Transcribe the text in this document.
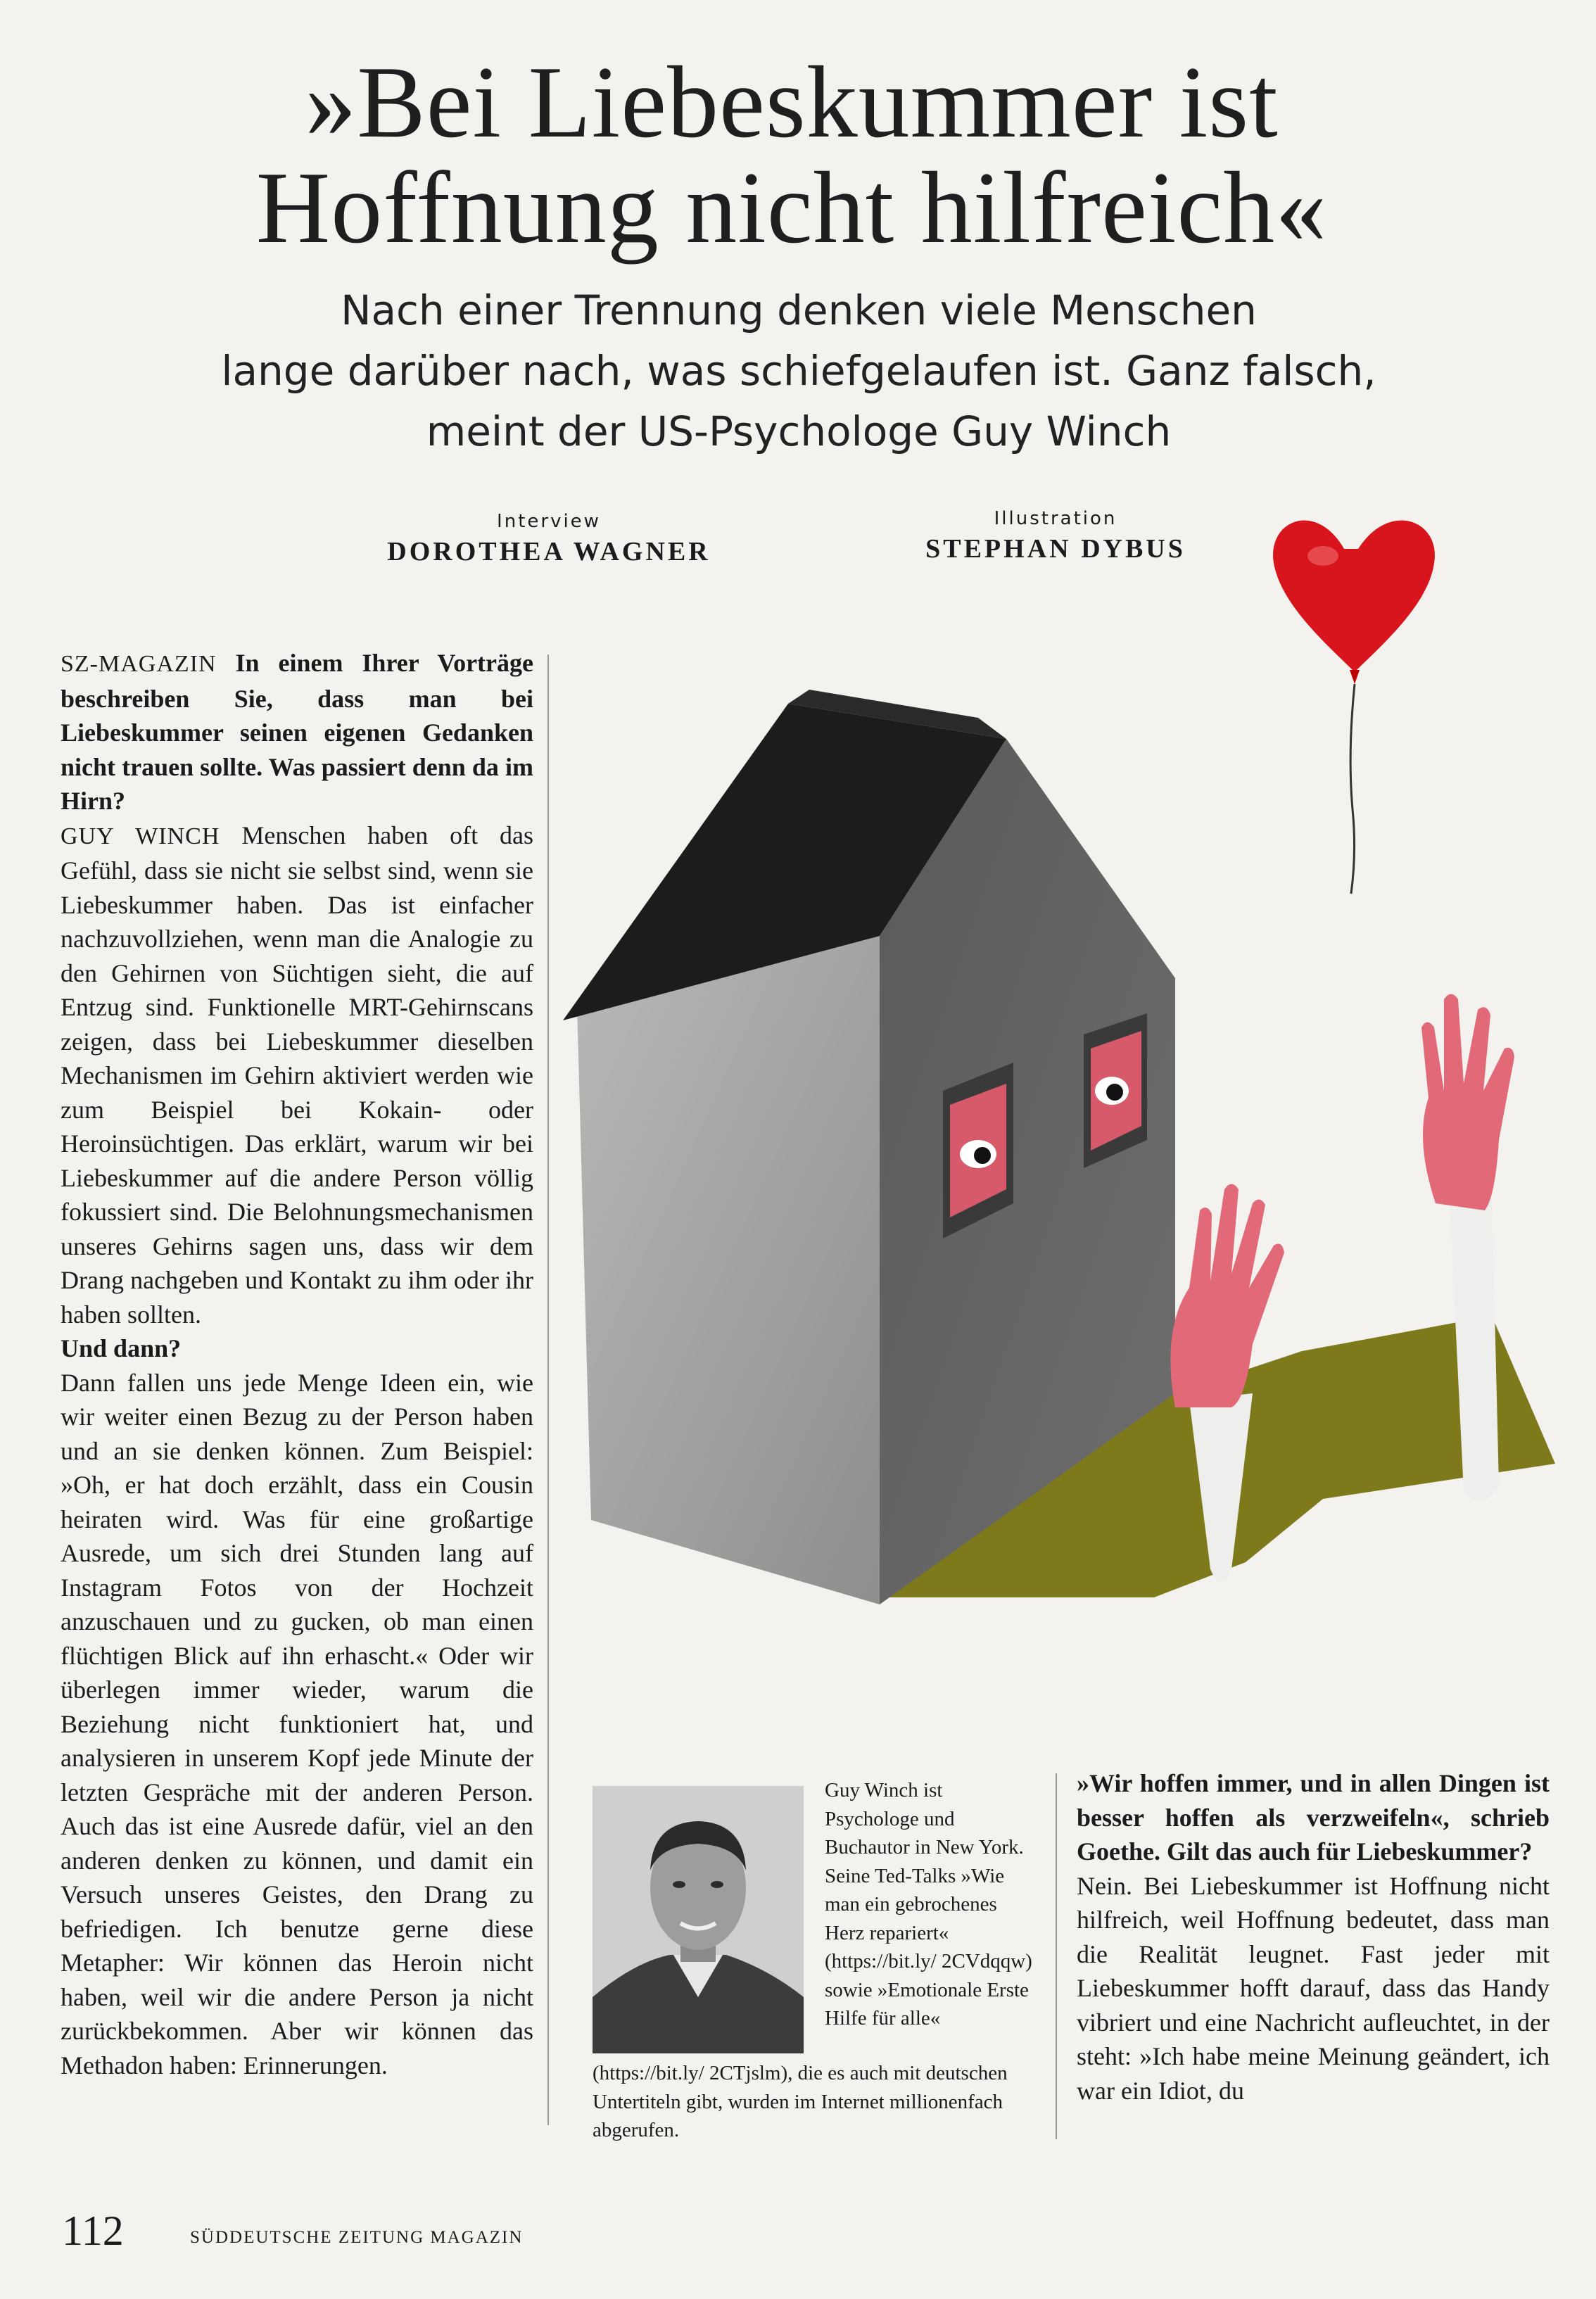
»Bei Liebeskummer ist
Hoffnung nicht hilfreich«
Nach einer Trennung denken viele Menschen
lange darüber nach, was schiefgelaufen ist. Ganz falsch,
meint der US-Psychologe Guy Winch
Interview
DOROTHEA WAGNER
Illustration
STEPHAN DYBUS

SZ-MAGAZIN In einem Ihrer Vorträge beschreiben Sie, dass man bei Liebeskummer seinen eigenen Gedanken nicht trauen sollte. Was passiert denn da im Hirn?

GUY WINCH Menschen haben oft das Gefühl, dass sie nicht sie selbst sind, wenn sie Liebeskummer haben. Das ist einfacher nachzuvollziehen, wenn man die Analogie zu den Gehirnen von Süchtigen sieht, die auf Entzug sind. Funktionelle MRT-Gehirnscans zeigen, dass bei Liebeskummer dieselben Mechanismen im Gehirn aktiviert werden wie zum Beispiel bei Kokain- oder Heroinsüchtigen. Das erklärt, warum wir bei Liebeskummer auf die andere Person völlig fokussiert sind. Die Belohnungsmechanismen unseres Gehirns sagen uns, dass wir dem Drang nachgeben und Kontakt zu ihm oder ihr haben sollten.

Und dann?

Dann fallen uns jede Menge Ideen ein, wie wir weiter einen Bezug zu der Person haben und an sie denken können. Zum Beispiel: »Oh, er hat doch erzählt, dass ein Cousin heiraten wird. Was für eine großartige Ausrede, um sich drei Stunden lang auf Instagram Fotos von der Hochzeit anzuschauen und zu gucken, ob man einen flüchtigen Blick auf ihn erhascht.« Oder wir überlegen immer wieder, warum die Beziehung nicht funktioniert hat, und analysieren in unserem Kopf jede Minute der letzten Gespräche mit der anderen Person. Auch das ist eine Ausrede dafür, viel an den anderen denken zu können, und damit ein Versuch unseres Geistes, den Drang zu befriedigen. Ich benutze gerne diese Metapher: Wir können das Heroin nicht haben, weil wir die andere Person ja nicht zurückbekommen. Aber wir können das Methadon haben: Erinnerungen.

Guy Winch ist Psychologe und Buchautor in New York. Seine Ted-Talks »Wie man ein gebrochenes Herz repariert« (https://bit.ly/ 2CVdqqw) sowie »Emotionale Erste Hilfe für alle«
(https://bit.ly/ 2CTjslm), die es auch mit deutschen Untertiteln gibt, wurden im Internet millionenfach abgerufen.

»Wir hoffen immer, und in allen Dingen ist besser hoffen als verzweifeln«, schrieb Goethe. Gilt das auch für Liebeskummer?

Nein. Bei Liebeskummer ist Hoffnung nicht hilfreich, weil Hoffnung bedeutet, dass man die Realität leugnet. Fast jeder mit Liebeskummer hofft darauf, dass das Handy vibriert und eine Nachricht aufleuchtet, in der steht: »Ich habe meine Meinung geändert, ich war ein Idiot, du

112	SÜDDEUTSCHE ZEITUNG MAGAZIN
